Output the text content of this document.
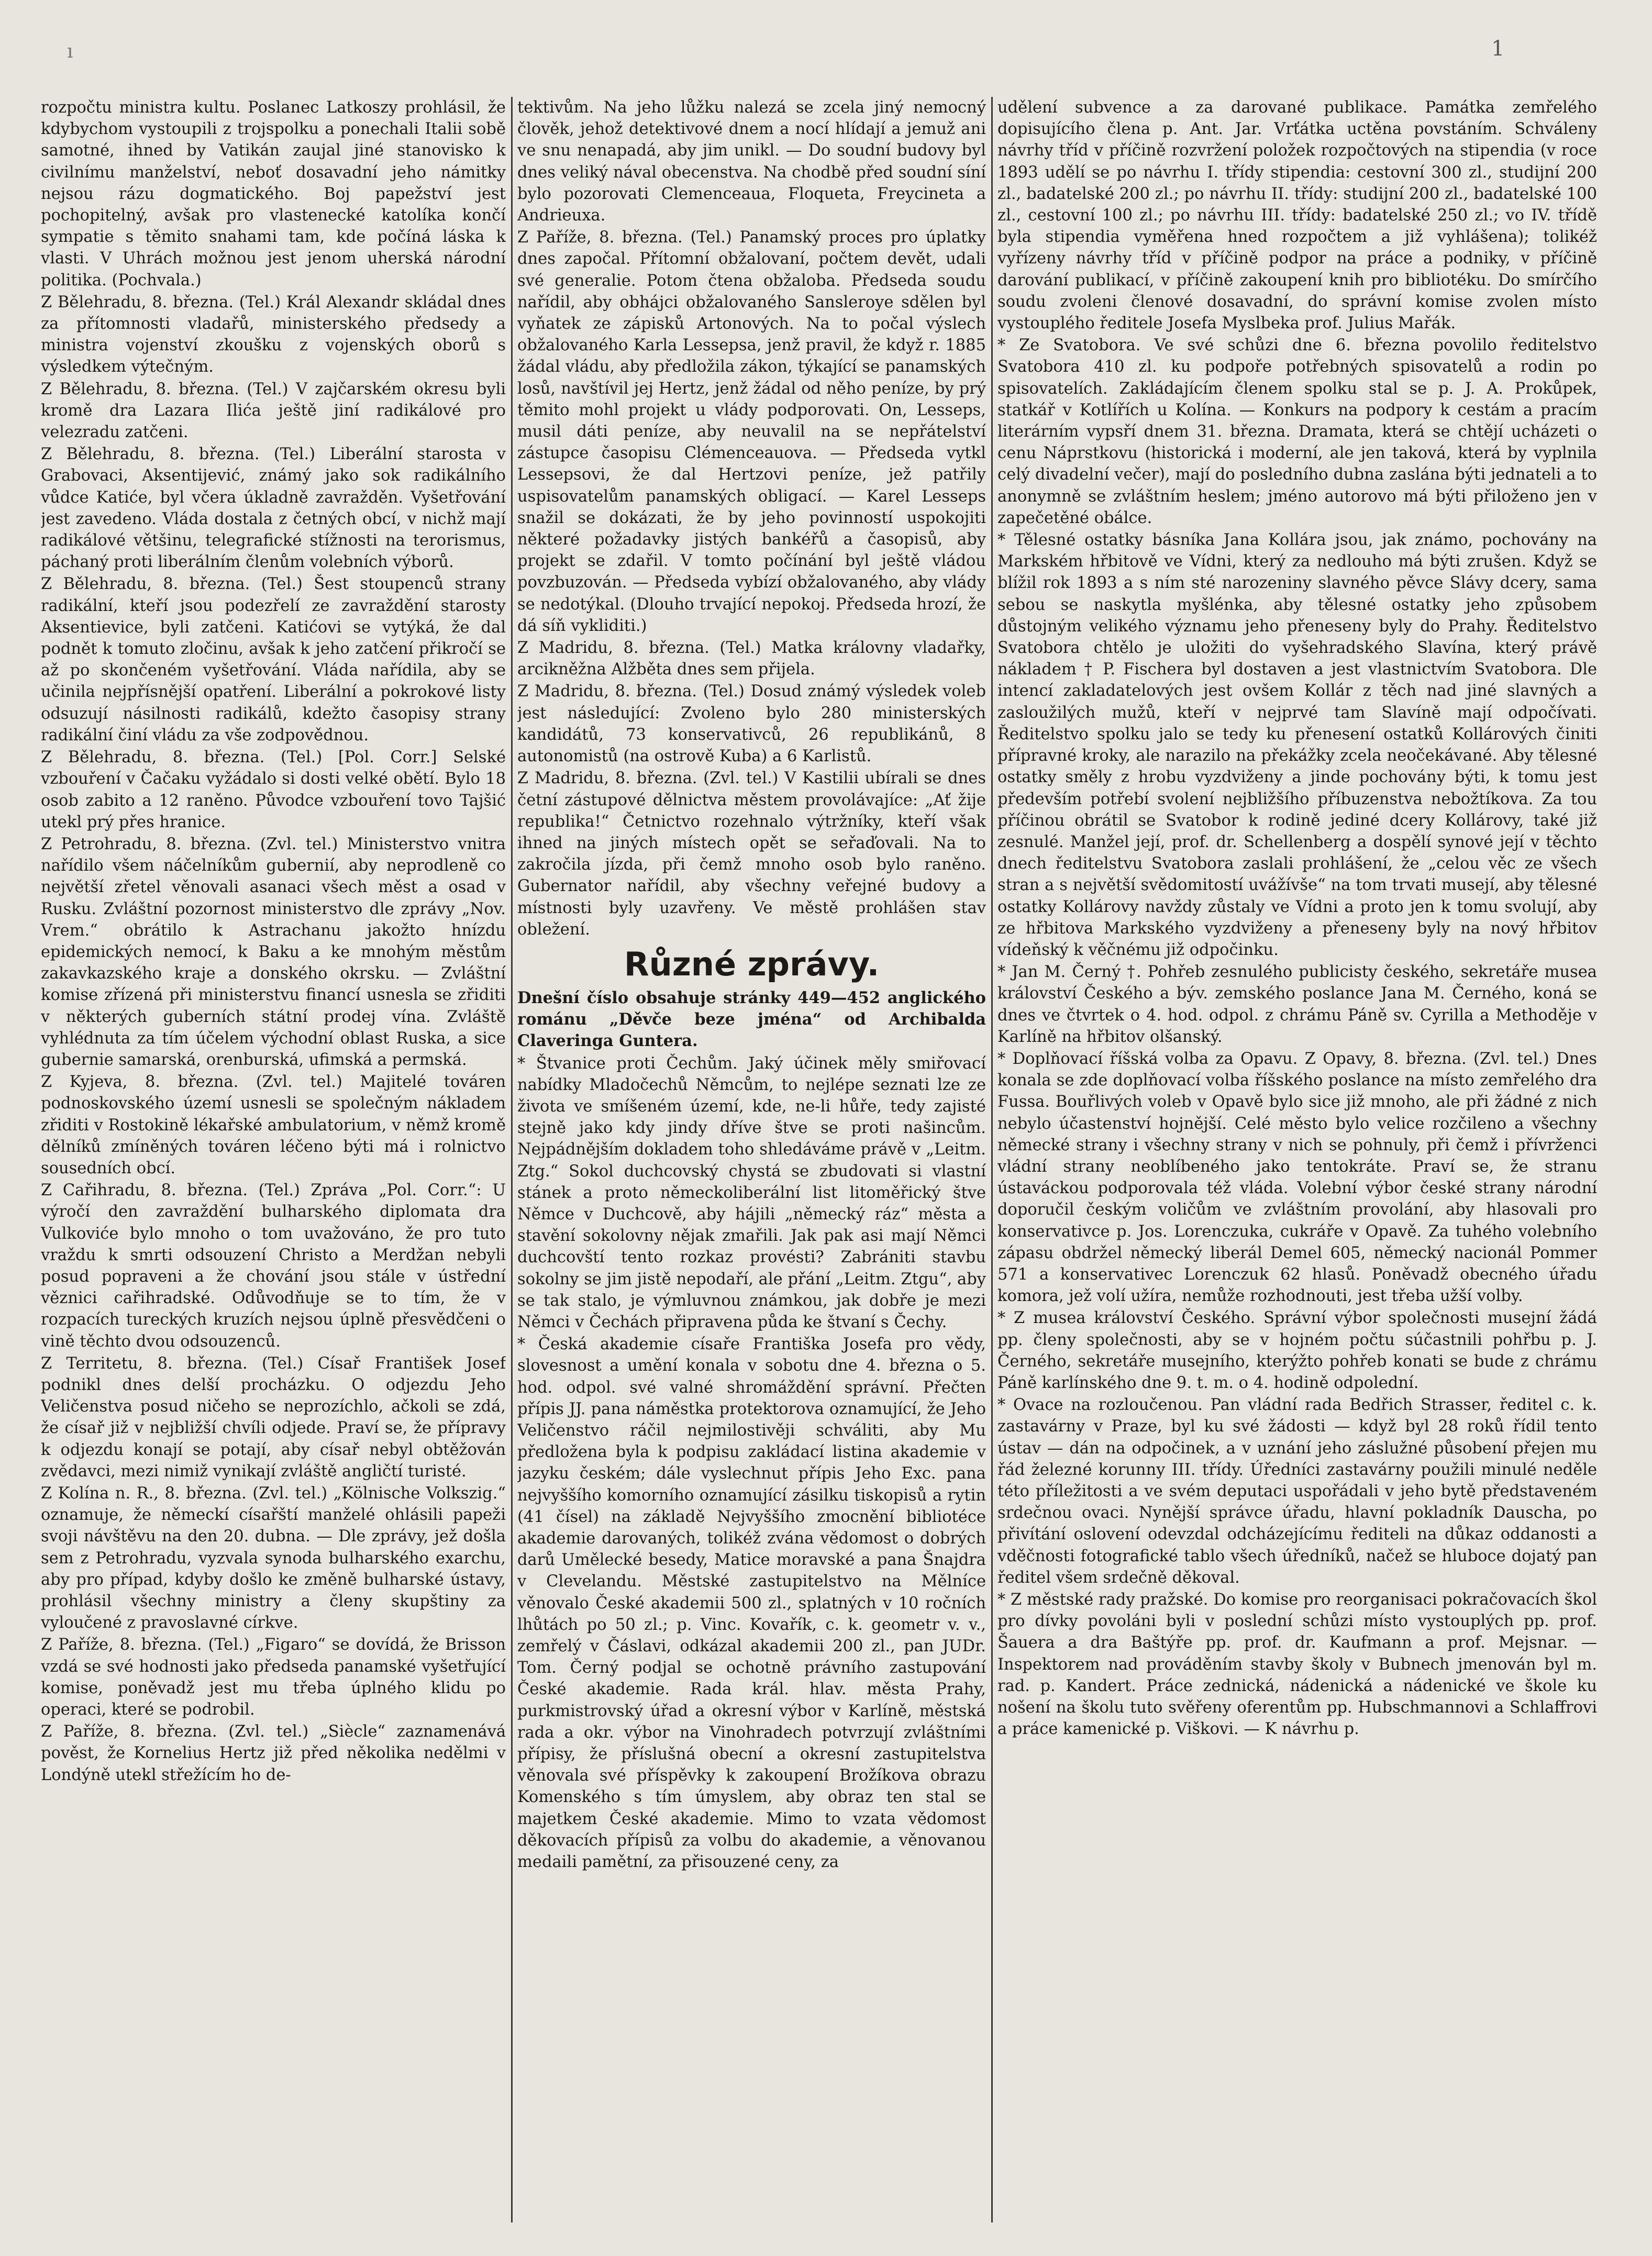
ı	1

rozpočtu ministra kultu. Poslanec Latkoszy prohlásil, že kdybychom vystoupili z trojspolku a ponechali Italii sobě samotné, ihned by Vatikán zaujal jiné stanovisko k civilnímu manželství, neboť dosavadní jeho námitky nejsou rázu dogmatického. Boj papežství jest pochopitelný, avšak pro vlastenecké katolíka končí sympatie s těmito snahami tam, kde počíná láska k vlasti. V Uhrách možnou jest jenom uherská národní politika. (Pochvala.)

Z Bělehradu, 8. března. (Tel.) Král Alexandr skládal dnes za přítomnosti vladařů, ministerského předsedy a ministra vojenství zkoušku z vojenských oborů s výsledkem výtečným.

Z Bělehradu, 8. března. (Tel.) V zajčarském okresu byli kromě dra Lazara Ilića ještě jiní radikálové pro velezradu zatčeni.

Z Bělehradu, 8. března. (Tel.) Liberální starosta v Grabovaci, Aksentijević, známý jako sok radikálního vůdce Katiće, byl včera úkladně zavražděn. Vyšetřování jest zavedeno. Vláda dostala z četných obcí, v nichž mají radikálové většinu, telegrafické stížnosti na terorismus, páchaný proti liberálním členům volebních výborů.

Z Bělehradu, 8. března. (Tel.) Šest stoupenců strany radikální, kteří jsou podezřelí ze zavraždění starosty Aksentievice, byli zatčeni. Katićovi se vytýká, že dal podnět k tomuto zločinu, avšak k jeho zatčení přikročí se až po skončeném vyšetřování. Vláda nařídila, aby se učinila nejpřísnější opatření. Liberální a pokrokové listy odsuzují násilnosti radikálů, kdežto časopisy strany radikální činí vládu za vše zodpovědnou.

Z Bělehradu, 8. března. (Tel.) [Pol. Corr.] Selské vzbouření v Čačaku vyžádalo si dosti velké obětí. Bylo 18 osob zabito a 12 raněno. Původce vzbouření tovo Tajšić utekl prý přes hranice.

Z Petrohradu, 8. března. (Zvl. tel.) Ministerstvo vnitra nařídilo všem náčelníkům gubernií, aby neprodleně co největší zřetel věnovali asanaci všech měst a osad v Rusku. Zvláštní pozornost ministerstvo dle zprávy „Nov. Vrem.“ obrátilo k Astrachanu jakožto hnízdu epidemických nemocí, k Baku a ke mnohým městům zakavkazského kraje a donského okrsku. — Zvláštní komise zřízená při ministerstvu financí usnesla se zřiditi v některých guberních státní prodej vína. Zvláště vyhlédnuta za tím účelem východní oblast Ruska, a sice gubernie samarská, orenburská, ufimská a permská.

Z Kyjeva, 8. března. (Zvl. tel.) Majitelé továren podnoskovského území usnesli se společným nákladem zřiditi v Rostokině lékařské ambulatorium, v němž kromě dělníků zmíněných továren léčeno býti má i rolnictvo sousedních obcí.

Z Cařihradu, 8. března. (Tel.) Zpráva „Pol. Corr.“: U výročí den zavraždění bulharského diplomata dra Vulkoviće bylo mnoho o tom uvažováno, že pro tuto vraždu k smrti odsouzení Christo a Merdžan nebyli posud popraveni a že chování jsou stále v ústřední věznici cařihradské. Odůvodňuje se to tím, že v rozpacích tureckých kruzích nejsou úplně přesvědčeni o vině těchto dvou odsouzenců.

Z Territetu, 8. března. (Tel.) Císař František Josef podnikl dnes delší procházku. O odjezdu Jeho Veličenstva posud ničeho se neprozíchlo, ačkoli se zdá, že císař již v nejbližší chvíli odjede. Praví se, že přípravy k odjezdu konají se potají, aby císař nebyl obtěžován zvědavci, mezi nimiž vynikají zvláště angličtí turisté.

Z Kolína n. R., 8. března. (Zvl. tel.) „Kölnische Volkszig.“ oznamuje, že německí císařští manželé ohlásili papeži svoji návštěvu na den 20. dubna. — Dle zprávy, jež došla sem z Petrohradu, vyzvala synoda bulharského exarchu, aby pro případ, kdyby došlo ke změně bulharské ústavy, prohlásil všechny ministry a členy skupštiny za vyloučené z pravoslavné církve.

Z Paříže, 8. března. (Tel.) „Figaro“ se dovídá, že Brisson vzdá se své hodnosti jako předseda panamské vyšetřující komise, poněvadž jest mu třeba úplného klidu po operaci, které se podrobil.

Z Paříže, 8. března. (Zvl. tel.) „Siècle“ zaznamenává pověst, že Kornelius Hertz již před několika nedělmi v Londýně utekl střežícím ho de-

tektivům. Na jeho lůžku nalezá se zcela jiný nemocný člověk, jehož detektivové dnem a nocí hlídají a jemuž ani ve snu nenapadá, aby jim unikl. — Do soudní budovy byl dnes veliký nával obecenstva. Na chodbě před soudní síní bylo pozorovati Clemenceaua, Floqueta, Freycineta a Andrieuxa.

Z Paříže, 8. března. (Tel.) Panamský proces pro úplatky dnes započal. Přítomní obžalovaní, počtem devět, udali své generalie. Potom čtena obžaloba. Předseda soudu nařídil, aby obhájci obžalovaného Sansleroye sdělen byl vyňatek ze zápisků Artonových. Na to počal výslech obžalovaného Karla Lessepsa, jenž pravil, že když r. 1885 žádal vládu, aby předložila zákon, týkající se panamských losů, navštívil jej Hertz, jenž žádal od něho peníze, by prý těmito mohl projekt u vlády podporovati. On, Lesseps, musil dáti peníze, aby neuvalil na se nepřátelství zástupce časopisu Clémenceauova. — Předseda vytkl Lessepsovi, že dal Hertzovi peníze, jež patřily uspisovatelům panamských obligací. — Karel Lesseps snažil se dokázati, že by jeho povinností uspokojiti některé požadavky jistých bankéřů a časopisů, aby projekt se zdařil. V tomto počínání byl ještě vládou povzbuzován. — Předseda vybízí obžalovaného, aby vlády se nedotýkal. (Dlouho trvající nepokoj. Předseda hrozí, že dá síň vykliditi.)

Z Madridu, 8. března. (Tel.) Matka královny vladařky, arcikněžna Alžběta dnes sem přijela.

Z Madridu, 8. března. (Tel.) Dosud známý výsledek voleb jest následující: Zvoleno bylo 280 ministerských kandidátů, 73 konservativců, 26 republikánů, 8 autonomistů (na ostrově Kuba) a 6 Karlistů.

Z Madridu, 8. března. (Zvl. tel.) V Kastilii ubírali se dnes četní zástupové dělnictva městem provolávajíce: „Ať žije republika!“ Četnictvo rozehnalo výtržníky, kteří však ihned na jiných místech opět se seřaďovali. Na to zakročila jízda, při čemž mnoho osob bylo raněno. Gubernator nařídil, aby všechny veřejné budovy a místnosti byly uzavřeny. Ve městě prohlášen stav obležení.

Různé zprávy.

Dnešní číslo obsahuje stránky 449—452 anglického románu „Děvče beze jména“ od Archibalda Claveringa Guntera.

* Štvanice proti Čechům. Jaký účinek měly smiřovací nabídky Mladočechů Němcům, to nejlépe seznati lze ze života ve smíšeném území, kde, ne-li hůře, tedy zajisté stejně jako kdy jindy dříve štve se proti našincům. Nejpádnějším dokladem toho shledáváme právě v „Leitm. Ztg.“ Sokol duchcovský chystá se zbudovati si vlastní stánek a proto německoliberální list litoměřický štve Němce v Duchcově, aby hájili „německý ráz“ města a stavění sokolovny nějak zmařili. Jak pak asi mají Němci duchcovští tento rozkaz provésti? Zabrániti stavbu sokolny se jim jistě nepodaří, ale přání „Leitm. Ztgu“, aby se tak stalo, je výmluvnou známkou, jak dobře je mezi Němci v Čechách připravena půda ke štvaní s Čechy.

* Česká akademie císaře Františka Josefa pro vědy, slovesnost a umění konala v sobotu dne 4. března o 5. hod. odpol. své valné shromáždění správní. Přečten přípis JJ. pana náměstka protektorova oznamující, že Jeho Veličenstvo ráčil nejmilostivěji schváliti, aby Mu předložena byla k podpisu zakládací listina akademie v jazyku českém; dále vyslechnut přípis Jeho Exc. pana nejvyššího komorního oznamující zásilku tiskopisů a rytin (41 čísel) na základě Nejvyššího zmocnění bibliotéce akademie darovaných, tolikéž zvána vědomost o dobrých darů Umělecké besedy, Matice moravské a pana Šnajdra v Clevelandu. Městské zastupitelstvo na Mělníce věnovalo České akademii 500 zl., splatných v 10 ročních lhůtách po 50 zl.; p. Vinc. Kovařík, c. k. geometr v. v., zemřelý v Čáslavi, odkázal akademii 200 zl., pan JUDr. Tom. Černý podjal se ochotně právního zastupování České akademie. Rada král. hlav. města Prahy, purkmistrovský úřad a okresní výbor v Karlíně, městská rada a okr. výbor na Vinohradech potvrzují zvláštními přípisy, že příslušná obecní a okresní zastupitelstva věnovala své příspěvky k zakoupení Brožíkova obrazu Komenského s tím úmyslem, aby obraz ten stal se majetkem České akademie. Mimo to vzata vědomost děkovacích přípisů za volbu do akademie, a věnovanou medaili pamětní, za přisouzené ceny, za

udělení subvence a za darované publikace. Památka zemřelého dopisujícího člena p. Ant. Jar. Vrťátka uctěna povstáním. Schváleny návrhy tříd v příčině rozvržení položek rozpočtových na stipendia (v roce 1893 udělí se po návrhu I. třídy stipendia: cestovní 300 zl., studijní 200 zl., badatelské 200 zl.; po návrhu II. třídy: studijní 200 zl., badatelské 100 zl., cestovní 100 zl.; po návrhu III. třídy: badatelské 250 zl.; vo IV. třídě byla stipendia vyměřena hned rozpočtem a již vyhlášena); tolikéž vyřízeny návrhy tříd v příčině podpor na práce a podniky, v příčině darování publikací, v příčině zakoupení knih pro bibliotéku. Do smírčího soudu zvoleni členové dosavadní, do správní komise zvolen místo vystouplého ředitele Josefa Myslbeka prof. Julius Mařák.

* Ze Svatobora. Ve své schůzi dne 6. března povolilo ředitelstvo Svatobora 410 zl. ku podpoře potřebných spisovatelů a rodin po spisovatelích. Zakládajícím členem spolku stal se p. J. A. Prokůpek, statkář v Kotlířích u Kolína. — Konkurs na podpory k cestám a pracím literárním vypsří dnem 31. března. Dramata, která se chtějí ucházeti o cenu Náprstkovu (historická i moderní, ale jen taková, která by vyplnila celý divadelní večer), mají do posledního dubna zaslána býti jednateli a to anonymně se zvláštním heslem; jméno autorovo má býti přiloženo jen v zapečetěné obálce.

* Tělesné ostatky básníka Jana Kollára jsou, jak známo, pochovány na Markském hřbitově ve Vídni, který za nedlouho má býti zrušen. Když se blížil rok 1893 a s ním sté narozeniny slavného pěvce Slávy dcery, sama sebou se naskytla myšlénka, aby tělesné ostatky jeho způsobem důstojným velikého významu jeho přeneseny byly do Prahy. Ředitelstvo Svatobora chtělo je uložiti do vyšehradského Slavína, který právě nákladem † P. Fischera byl dostaven a jest vlastnictvím Svatobora. Dle intencí zakladatelových jest ovšem Kollár z těch nad jiné slavných a zasloužilých mužů, kteří v nejprvé tam Slavíně mají odpočívati. Ředitelstvo spolku jalo se tedy ku přenesení ostatků Kollárových činiti přípravné kroky, ale narazilo na překážky zcela neočekávané. Aby tělesné ostatky směly z hrobu vyzdviženy a jinde pochovány býti, k tomu jest především potřebí svolení nejbližšího příbuzenstva nebožtíkova. Za tou příčinou obrátil se Svatobor k rodině jediné dcery Kollárovy, také již zesnulé. Manžel její, prof. dr. Schellenberg a dospělí synové její v těchto dnech ředitelstvu Svatobora zaslali prohlášení, že „celou věc ze všech stran a s největší svědomitostí uvážívše“ na tom trvati musejí, aby tělesné ostatky Kollárovy navždy zůstaly ve Vídni a proto jen k tomu svolují, aby ze hřbitova Markského vyzdviženy a přeneseny byly na nový hřbitov vídeňský k věčnému již odpočinku.

* Jan M. Černý †. Pohřeb zesnulého publicisty českého, sekretáře musea království Českého a býv. zemského poslance Jana M. Černého, koná se dnes ve čtvrtek o 4. hod. odpol. z chrámu Páně sv. Cyrilla a Methoděje v Karlíně na hřbitov olšanský.

* Doplňovací říšská volba za Opavu. Z Opavy, 8. března. (Zvl. tel.) Dnes konala se zde doplňovací volba říšského poslance na místo zemřelého dra Fussa. Bouřlivých voleb v Opavě bylo sice již mnoho, ale při žádné z nich nebylo účastenství hojnější. Celé město bylo velice rozčileno a všechny německé strany i všechny strany v nich se pohnuly, při čemž i přívrženci vládní strany neoblíbeného jako tentokráte. Praví se, že stranu ústaváckou podporovala též vláda. Volební výbor české strany národní doporučil českým voličům ve zvláštním provolání, aby hlasovali pro konservativce p. Jos. Lorenczuka, cukráře v Opavě. Za tuhého volebního zápasu obdržel německý liberál Demel 605, německý nacionál Pommer 571 a konservativec Lorenczuk 62 hlasů. Poněvadž obecného úřadu komora, jež volí užíra, nemůže rozhodnouti, jest třeba užší volby.

* Z musea království Českého. Správní výbor společnosti musejní žádá pp. členy společnosti, aby se v hojném počtu súčastnili pohřbu p. J. Černého, sekretáře musejního, kterýžto pohřeb konati se bude z chrámu Páně karlínského dne 9. t. m. o 4. hodině odpolední.

* Ovace na rozloučenou. Pan vládní rada Bedřich Strasser, ředitel c. k. zastavárny v Praze, byl ku své žádosti — když byl 28 roků řídil tento ústav — dán na odpočinek, a v uznání jeho záslužné působení přejen mu řád železné korunny III. třídy. Úředníci zastavárny použili minulé neděle této příležitosti a ve svém deputaci uspořádali v jeho bytě představeném srdečnou ovaci. Nynější správce úřadu, hlavní pokladník Dauscha, po přivítání oslovení odevzdal odcházejícímu řediteli na důkaz oddanosti a vděčnosti fotografické tablo všech úředníků, načež se hluboce dojatý pan ředitel všem srdečně děkoval.

* Z městské rady pražské. Do komise pro reorganisaci pokračovacích škol pro dívky povoláni byli v poslední schůzi místo vystouplých pp. prof. Šauera a dra Baštýře pp. prof. dr. Kaufmann a prof. Mejsnar. — Inspektorem nad prováděním stavby školy v Bubnech jmenován byl m. rad. p. Kandert. Práce zednická, nádenická a nádenické ve škole ku nošení na školu tuto svěřeny oferentům pp. Hubschmannovi a Schlaffrovi a práce kamenické p. Viškovi. — K návrhu p.
